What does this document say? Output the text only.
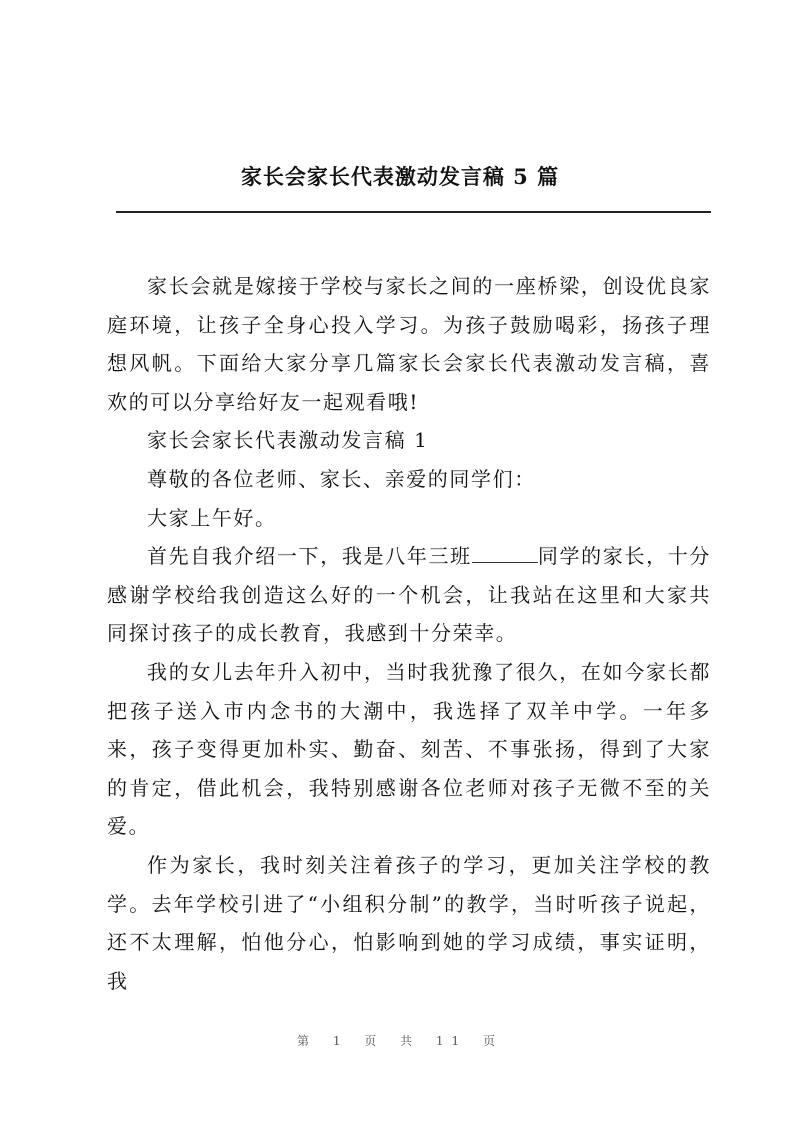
家长会家长代表激动发言稿 5 篇

家长会就是嫁接于学校与家长之间的一座桥梁，创设优良家庭环境，让孩子全身心投入学习。为孩子鼓励喝彩，扬孩子理想风帆。下面给大家分享几篇家长会家长代表激动发言稿，喜欢的可以分享给好友一起观看哦!

家长会家长代表激动发言稿 1

尊敬的各位老师、家长、亲爱的同学们：

大家上午好。

首先自我介绍一下，我是八年三班	同学的家长，十分感谢学校给我创造这么好的一个机会，让我站在这里和大家共同探讨孩子的成长教育，我感到十分荣幸。

我的女儿去年升入初中，当时我犹豫了很久，在如今家长都把孩子送入市内念书的大潮中，我选择了双羊中学。一年多来，孩子变得更加朴实、勤奋、刻苦、不事张扬，得到了大家的肯定，借此机会，我特别感谢各位老师对孩子无微不至的关爱。

作为家长，我时刻关注着孩子的学习，更加关注学校的教学。去年学校引进了“小组积分制”的教学，当时听孩子说起，还不太理解，怕他分心，怕影响到她的学习成绩，事实证明，我

第 1 页 共 11 页
